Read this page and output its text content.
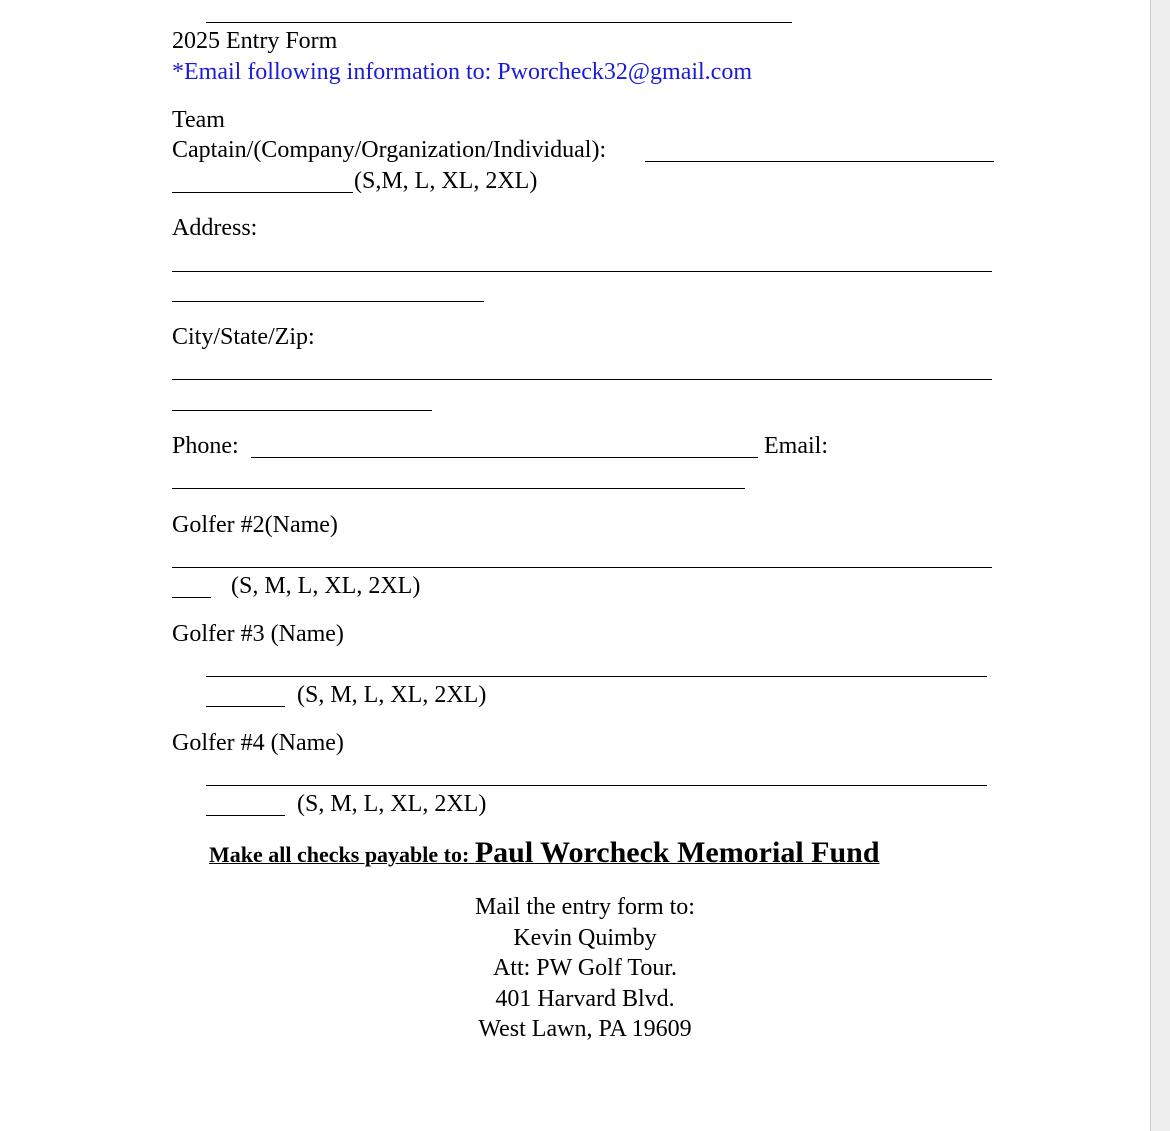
2025 Entry Form
*Email following information to: Pworcheck32@gmail.com
Team
Captain/(Company/Organization/Individual):
(S,M, L, XL, 2XL)
Address:
City/State/Zip:
Phone:	Email:
Golfer #2(Name)
(S, M, L, XL, 2XL)
Golfer #3 (Name)
(S, M, L, XL, 2XL)
Golfer #4 (Name)
(S, M, L, XL, 2XL)
Make all checks payable to: Paul Worcheck Memorial Fund
Mail the entry form to:
Kevin Quimby
Att: PW Golf Tour.
401 Harvard Blvd.
West Lawn, PA 19609
